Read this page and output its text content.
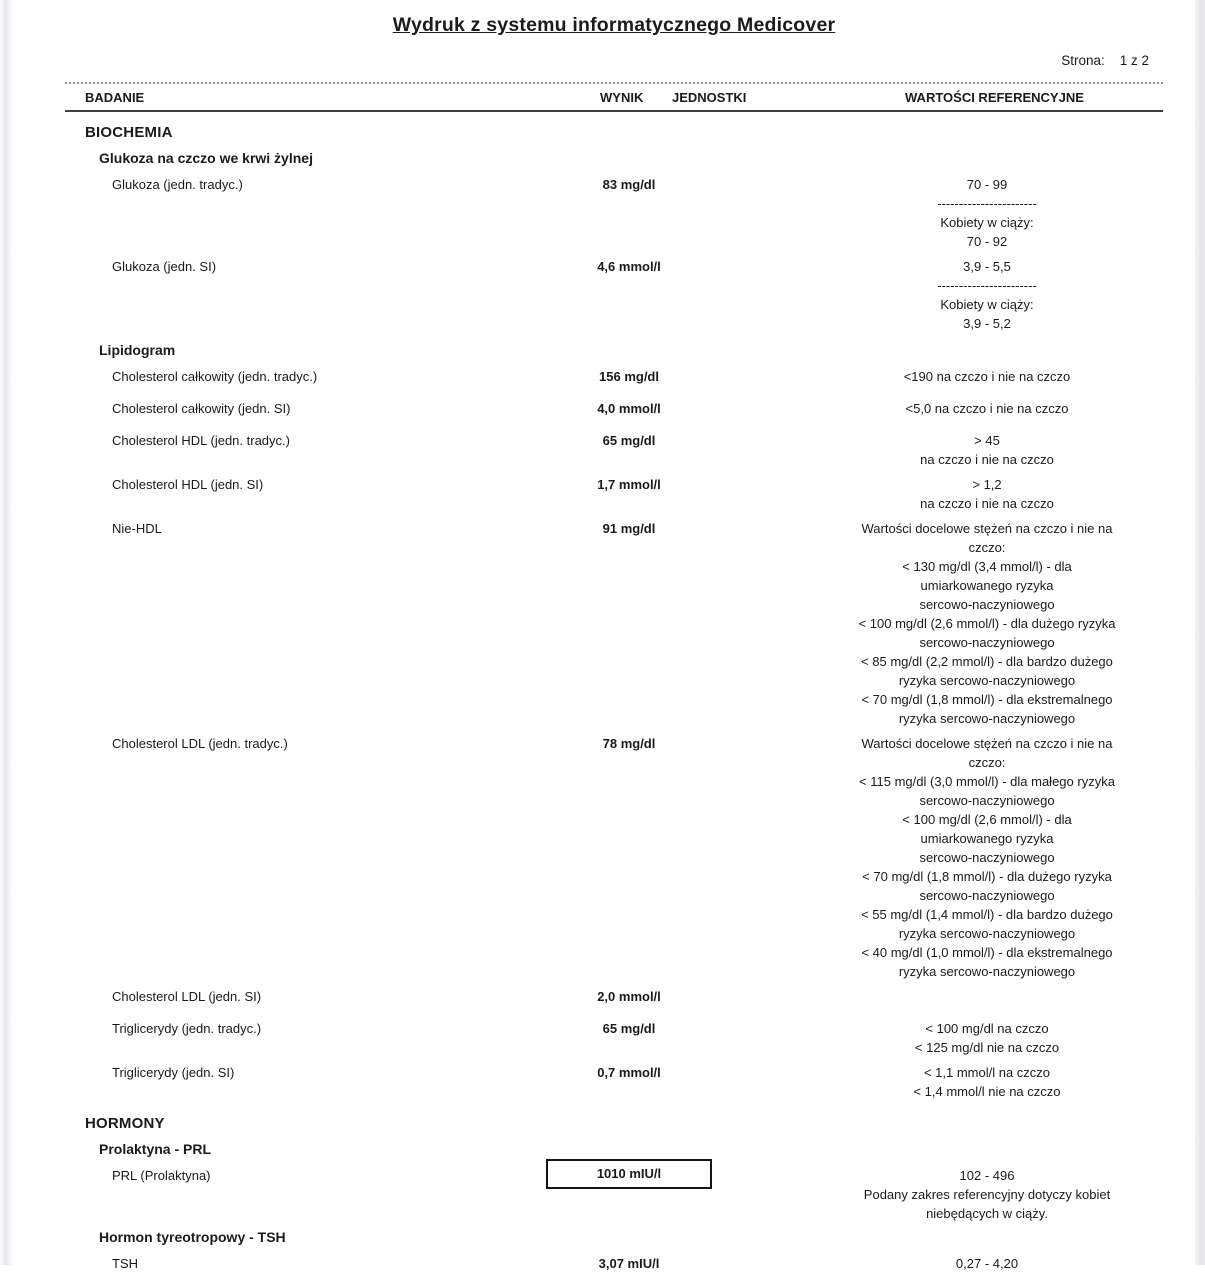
Wydruk z systemu informatycznego Medicover
Strona: 1 z 2
BADANIE	WYNIK JEDNOSTKI	WARTOŚCI REFERENCYJNE
BIOCHEMIA
Glukoza na czczo we krwi żylnej
Glukoza (jedn. tradyc.)	83 mg/dl	70 - 99
-----------------------
Kobiety w ciąży:
70 - 92
Glukoza (jedn. SI)	4,6 mmol/l	3,9 - 5,5
-----------------------
Kobiety w ciąży:
3,9 - 5,2
Lipidogram
Cholesterol całkowity (jedn. tradyc.)	156 mg/dl	<190 na czczo i nie na czczo
Cholesterol całkowity (jedn. SI)	4,0 mmol/l	<5,0 na czczo i nie na czczo
Cholesterol HDL (jedn. tradyc.)	65 mg/dl	> 45
na czczo i nie na czczo
Cholesterol HDL (jedn. SI)	1,7 mmol/l	> 1,2
na czczo i nie na czczo
Nie-HDL	91 mg/dl	Wartości docelowe stężeń na czczo i nie na
czczo:
< 130 mg/dl (3,4 mmol/l) - dla
umiarkowanego ryzyka
sercowo-naczyniowego
< 100 mg/dl (2,6 mmol/l) - dla dużego ryzyka
sercowo-naczyniowego
< 85 mg/dl (2,2 mmol/l) - dla bardzo dużego
ryzyka sercowo-naczyniowego
< 70 mg/dl (1,8 mmol/l) - dla ekstremalnego
ryzyka sercowo-naczyniowego
Cholesterol LDL (jedn. tradyc.)	78 mg/dl	Wartości docelowe stężeń na czczo i nie na
czczo:
< 115 mg/dl (3,0 mmol/l) - dla małego ryzyka
sercowo-naczyniowego
< 100 mg/dl (2,6 mmol/l) - dla
umiarkowanego ryzyka
sercowo-naczyniowego
< 70 mg/dl (1,8 mmol/l) - dla dużego ryzyka
sercowo-naczyniowego
< 55 mg/dl (1,4 mmol/l) - dla bardzo dużego
ryzyka sercowo-naczyniowego
< 40 mg/dl (1,0 mmol/l) - dla ekstremalnego
ryzyka sercowo-naczyniowego
Cholesterol LDL (jedn. SI)	2,0 mmol/l
Triglicerydy (jedn. tradyc.)	65 mg/dl	< 100 mg/dl na czczo
< 125 mg/dl nie na czczo
Triglicerydy (jedn. SI)	0,7 mmol/l	< 1,1 mmol/l na czczo
< 1,4 mmol/l nie na czczo
HORMONY
Prolaktyna - PRL
PRL (Prolaktyna)	1010 mIU/l	102 - 496
Podany zakres referencyjny dotyczy kobiet
niebędących w ciąży.
Hormon tyreotropowy - TSH
TSH	3,07 mIU/l	0,27 - 4,20
